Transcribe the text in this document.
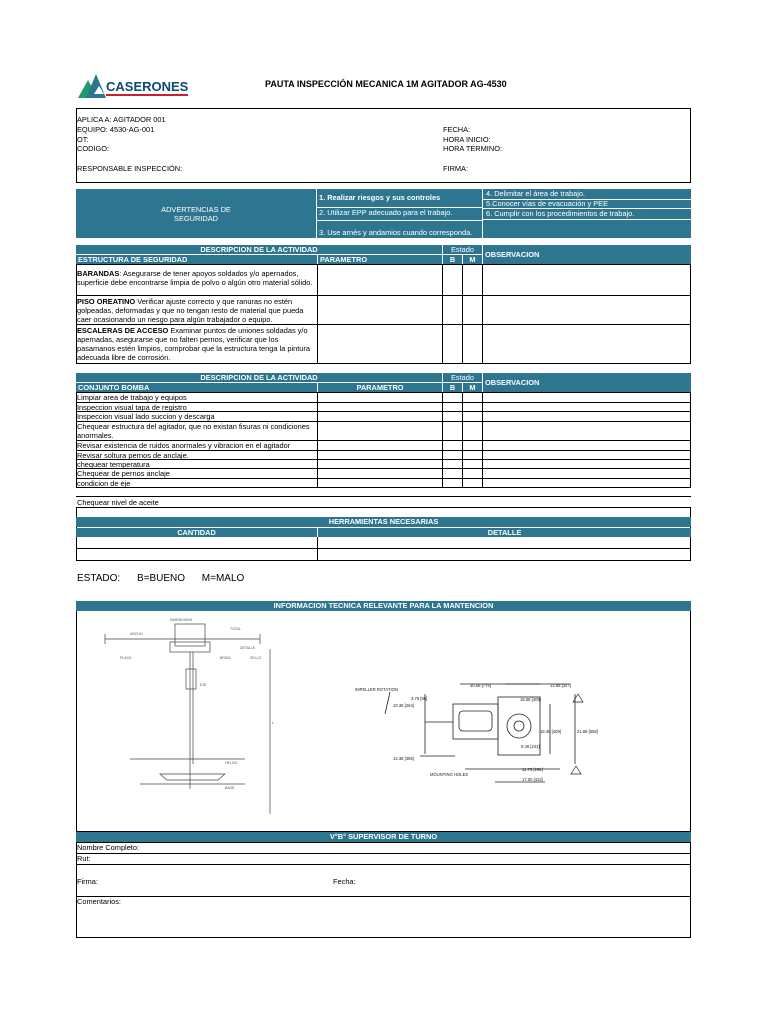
CASERONES	PAUTA INSPECCIÓN MECANICA 1M AGITADOR AG-4530
APLICA A: AGITADOR 001
EQUIPO: 4530-AG-001
OT:
CODIGO:
RESPONSABLE INSPECCIÓN:
FECHA:
HORA INICIO:
HORA TERMINO:
FIRMA:
ADVERTENCIAS DE SEGURIDAD
1. Realizar riesgos y sus controles
2. Utilizar EPP adecuado para el trabajo.
3. Use arnés y andamios cuando corresponda.
4. Delimitar el área de trabajo.
5.Conocer vías de evacuación y PEE
6. Cumplir con los procedimientos de trabajo.
DESCRIPCION DE LA ACTIVIDAD	Estado
ESTRUCTURA DE SEGURIDAD	PARAMETRO	B	M
OBSERVACION
BARANDAS: Asegurarse de tener apoyos soldados y/o apernados, superficie debe encontrarse limpia de polvo o algún otro material sólido.
PISO OREATINO Verificar ajuste correcto y que ranuras no estén golpeadas, deformadas y que no tengan resto de material que pueda caer ocasionando un riesgo para algún trabajador o equipo.
ESCALERAS DE ACCESO Examinar puntos de uniones soldadas y/o apernadas, asegurarse que no falten pernos, verificar que los pasamanos estén limpios, comprobar que la estructura tenga la pintura adecuada libre de corrosión.
DESCRIPCION DE LA ACTIVIDAD	Estado
CONJUNTO BOMBA	PARAMETRO	B	M
OBSERVACION
Limpiar area de trabajo y equipos
Inspeccion visual tapa de registro
Inspeccion visual lado succion y descarga
Chequear estructura del agitador, que no existan fisuras ni condiciones anormales.
Revisar existencia de ruidos anormales y vibracion en el agitador
Revisar soltura pernos de anclaje.
chequear temperatura
Chequear de pernos anclaje
condicion de eje
Chequear nivel de aceite
HERRAMIENTAS NECESARIAS
CANTIDAD	DETALLE
ESTADO: B=BUENO M=MALO
INFORMACION TECNICA RELEVANTE PARA LA MANTENCION
DIMENSIONS
ANCHO
TOTAL
DETALLE
PLACA	BRIDA	SELLO
EJE
L
HELICE
BASE
IMPELLER ROTATION
MOUNTING HOLES
30.56 [776]	12.88 [327]
16.58 [408]
3.75 [95]
10.38 [264]
14.38 [365]
15.38 [409]	21.88 [556]
9.38 [243]
11.75 [298]
17.00 [432]
V°B° SUPERVISOR DE TURNO
Nombre Completo:
Rut:
Firma:	Fecha:
Comentarios:
